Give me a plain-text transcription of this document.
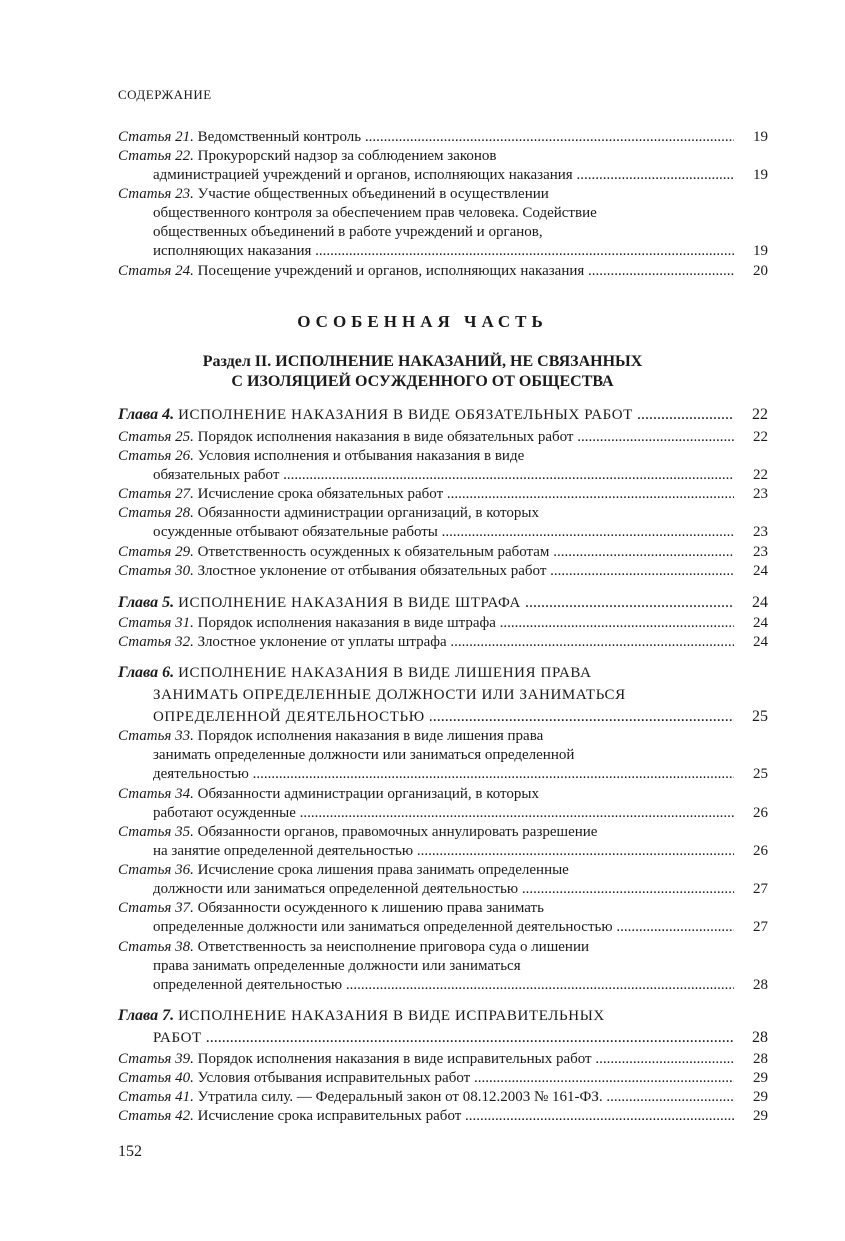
СОДЕРЖАНИЕ
ОСОБЕННАЯ ЧАСТЬ
Раздел II. ИСПОЛНЕНИЕ НАКАЗАНИЙ, НЕ СВЯЗАННЫХ
С ИЗОЛЯЦИЕЙ ОСУЖДЕННОГО ОТ ОБЩЕСТВА
Статья 21. Ведомственный контроль .....	19
Статья 22. Прокурорский надзор за соблюдением законов
администрацией учреждений и органов, исполняющих наказания .....	19
Статья 23. Участие общественных объединений в осуществлении
общественного контроля за обеспечением прав человека. Содействие
общественных объединений в работе учреждений и органов,
исполняющих наказания .....	19
Статья 24. Посещение учреждений и органов, исполняющих наказания .....	20
Глава 4. ИСПОЛНЕНИЕ НАКАЗАНИЯ В ВИДЕ ОБЯЗАТЕЛЬНЫХ РАБОТ .....	22
Статья 25. Порядок исполнения наказания в виде обязательных работ .....	22
Статья 26. Условия исполнения и отбывания наказания в виде
обязательных работ .....	22
Статья 27. Исчисление срока обязательных работ .....	23
Статья 28. Обязанности администрации организаций, в которых
осужденные отбывают обязательные работы .....	23
Статья 29. Ответственность осужденных к обязательным работам .....	23
Статья 30. Злостное уклонение от отбывания обязательных работ .....	24
Глава 5. ИСПОЛНЕНИЕ НАКАЗАНИЯ В ВИДЕ ШТРАФА .....	24
Статья 31. Порядок исполнения наказания в виде штрафа .....	24
Статья 32. Злостное уклонение от уплаты штрафа .....	24
Глава 6. ИСПОЛНЕНИЕ НАКАЗАНИЯ В ВИДЕ ЛИШЕНИЯ ПРАВА
ЗАНИМАТЬ ОПРЕДЕЛЕННЫЕ ДОЛЖНОСТИ ИЛИ ЗАНИМАТЬСЯ
ОПРЕДЕЛЕННОЙ ДЕЯТЕЛЬНОСТЬЮ .....	25
Статья 33. Порядок исполнения наказания в виде лишения права
занимать определенные должности или заниматься определенной
деятельностью .....	25
Статья 34. Обязанности администрации организаций, в которых
работают осужденные .....	26
Статья 35. Обязанности органов, правомочных аннулировать разрешение
на занятие определенной деятельностью .....	26
Статья 36. Исчисление срока лишения права занимать определенные
должности или заниматься определенной деятельностью .....	27
Статья 37. Обязанности осужденного к лишению права занимать
определенные должности или заниматься определенной деятельностью .....	27
Статья 38. Ответственность за неисполнение приговора суда о лишении
права занимать определенные должности или заниматься
определенной деятельностью .....	28
Глава 7. ИСПОЛНЕНИЕ НАКАЗАНИЯ В ВИДЕ ИСПРАВИТЕЛЬНЫХ
РАБОТ .....	28
Статья 39. Порядок исполнения наказания в виде исправительных работ .....	28
Статья 40. Условия отбывания исправительных работ .....	29
Статья 41. Утратила силу. — Федеральный закон от 08.12.2003 № 161-ФЗ. .....	29
Статья 42. Исчисление срока исправительных работ .....	29
152
